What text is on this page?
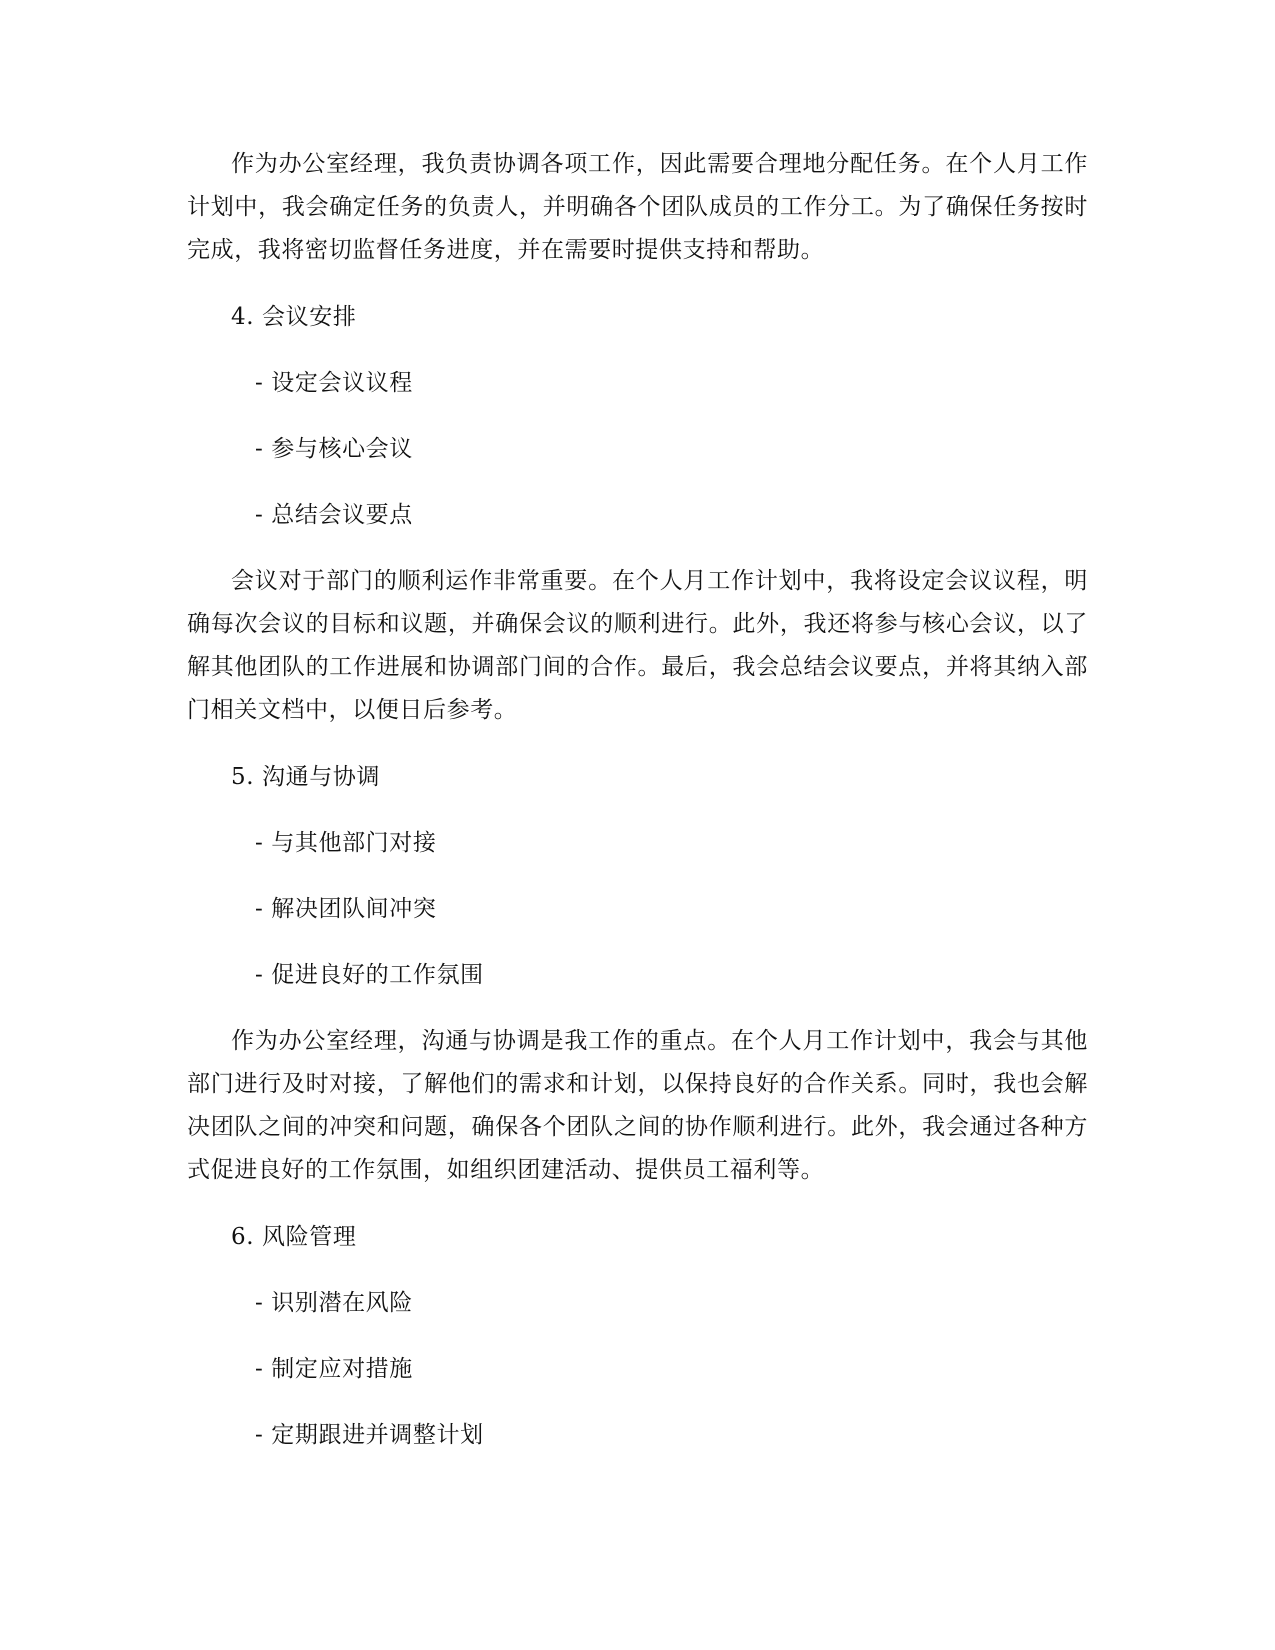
作为办公室经理，我负责协调各项工作，因此需要合理地分配任务。在个人月工作计划中，我会确定任务的负责人，并明确各个团队成员的工作分工。为了确保任务按时完成，我将密切监督任务进度，并在需要时提供支持和帮助。

4. 会议安排

- 设定会议议程

- 参与核心会议

- 总结会议要点

会议对于部门的顺利运作非常重要。在个人月工作计划中，我将设定会议议程，明确每次会议的目标和议题，并确保会议的顺利进行。此外，我还将参与核心会议，以了解其他团队的工作进展和协调部门间的合作。最后，我会总结会议要点，并将其纳入部门相关文档中，以便日后参考。

5. 沟通与协调

- 与其他部门对接

- 解决团队间冲突

- 促进良好的工作氛围

作为办公室经理，沟通与协调是我工作的重点。在个人月工作计划中，我会与其他部门进行及时对接，了解他们的需求和计划，以保持良好的合作关系。同时，我也会解决团队之间的冲突和问题，确保各个团队之间的协作顺利进行。此外，我会通过各种方式促进良好的工作氛围，如组织团建活动、提供员工福利等。

6. 风险管理

- 识别潜在风险

- 制定应对措施

- 定期跟进并调整计划
